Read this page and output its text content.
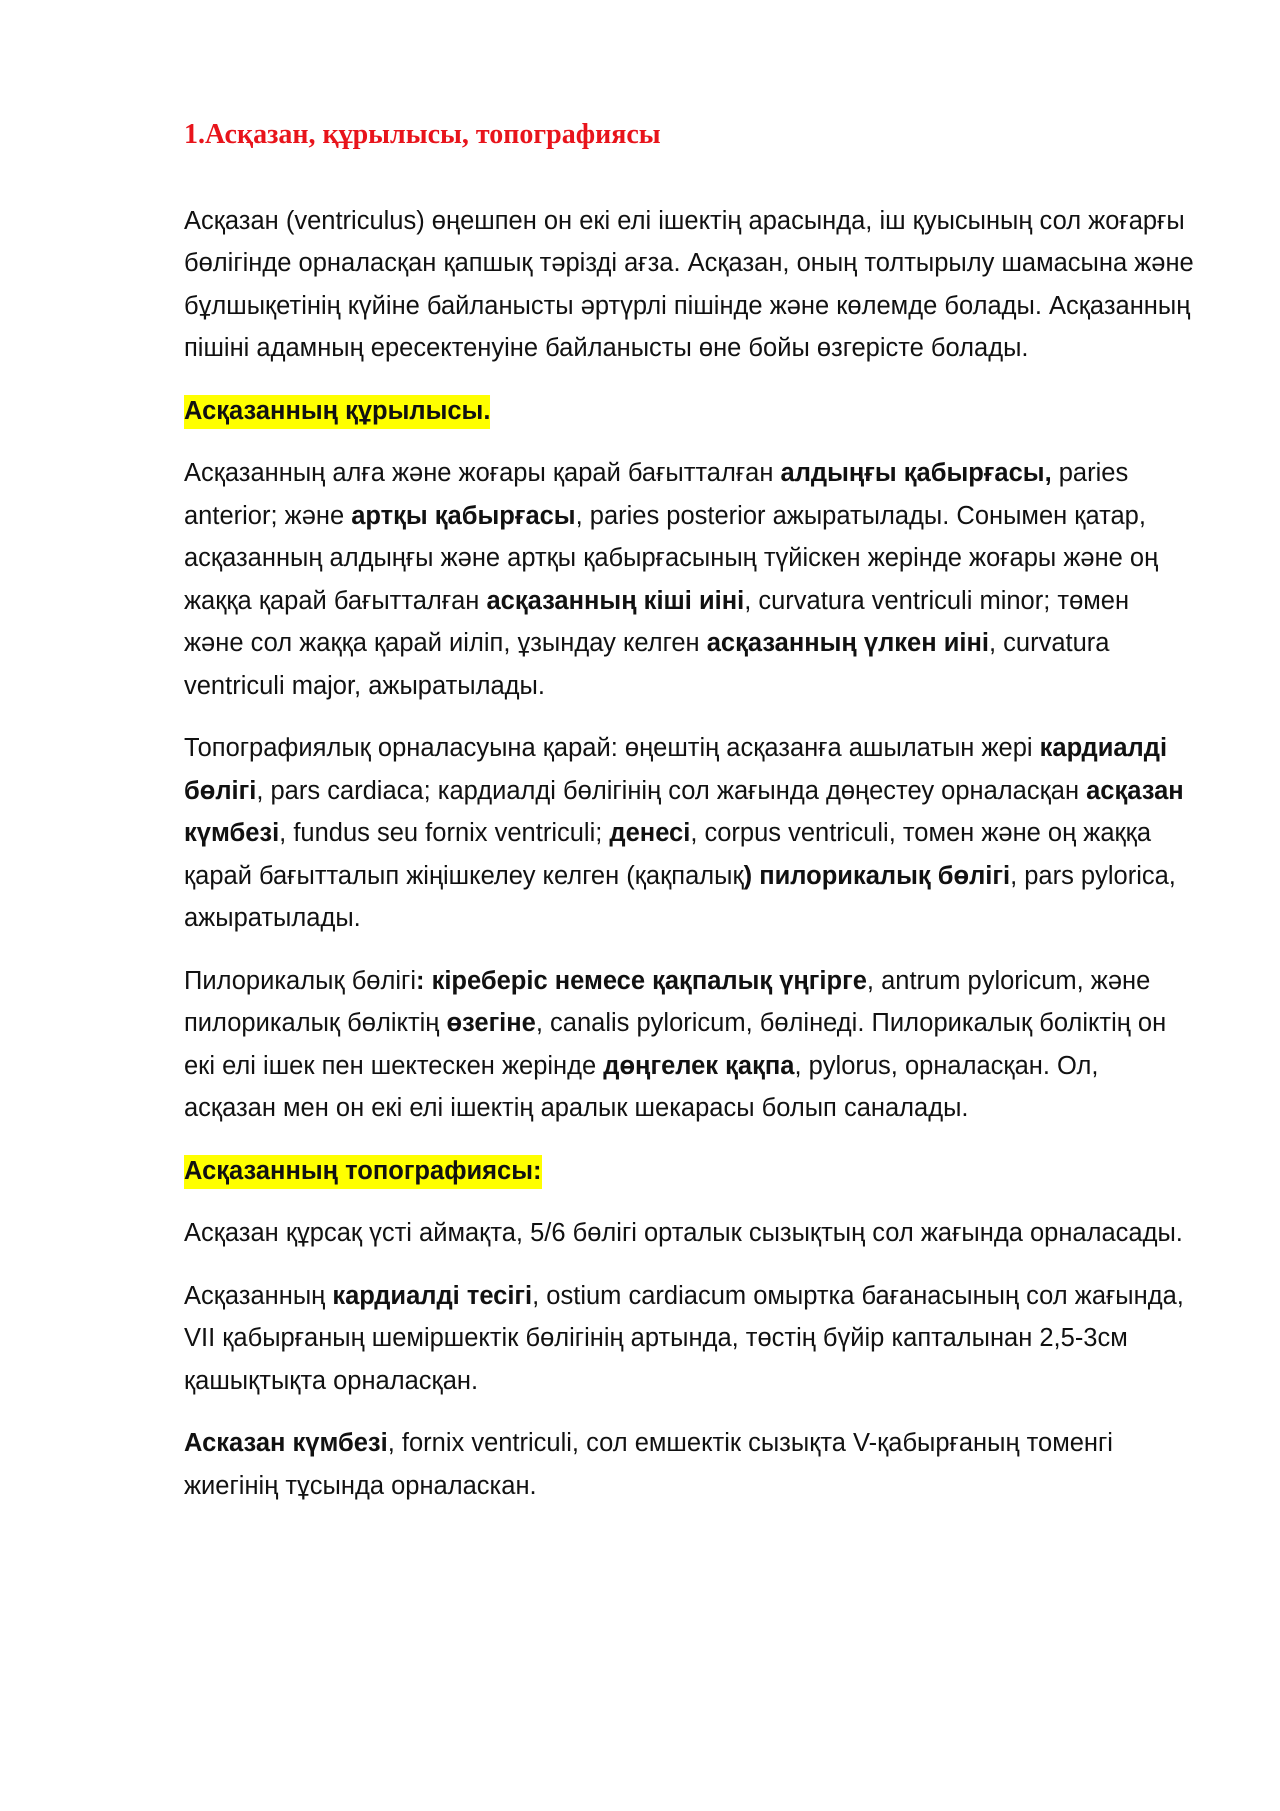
1.Асқазан, құрылысы, топографиясы

Асқазан (ventriculus) өңешпен он екі елі ішектің арасында, іш қуысының сол жоғарғы бөлігінде орналасқан қапшық тәрізді ағза. Асқазан, оның толтырылу шамасына және бұлшықетінің күйіне байланысты әртүрлі пішінде және көлемде болады. Асқазанның пішіні адамның ересектенуіне байланысты өне бойы өзгерісте болады.

Асқазанның құрылысы.

Асқазанның алға және жоғары қарай бағытталған алдыңғы қабырғасы, paries anterior; және артқы қабырғасы, paries posterior ажыратылады. Сонымен қатар, асқазанның алдыңғы және артқы қабырғасының түйіскен жерінде жоғары және оң жаққа қарай бағытталған асқазанның кіші иіні, curvatura ventriculi minor; төмен және сол жаққа қарай иіліп, ұзындау келген асқазанның үлкен иіні, curvatura ventriculi major, ажыратылады.

Топографиялық орналасуына қарай: өңештің асқазанға ашылатын жері кардиалді бөлігі, pars cardiaca; кардиалді бөлігінің сол жағында дөңестеу орналасқан асқазан күмбезі, fundus seu fornix ventriculi; денесі, corpus ventriculi, томен және оң жаққа қарай бағытталып жіңішкелеу келген (қақпалық) пилорикалық бөлігі, pars pylorica, ажыратылады.

Пилорикалық бөлігі: кіреберіс немесе қақпалық үңгірге, antrum pyloricum, және пилорикалық бөліктің өзегіне, canalis pyloricum, бөлінеді. Пилорикалық боліктің он екі елі ішек пен шектескен жерінде дөңгелек қақпа, pylorus, орналасқан. Ол, асқазан мен он екі елі ішектің аралык шекарасы болып саналады.

Асқазанның топографиясы:

Асқазан құрсақ үсті аймақта, 5/6 бөлігі орталык сызықтың сол жағында орналасады.

Асқазанның кардиалді тесігі, ostium cardiacum омыртка бағанасының сол жағында, VII қабырғаның шеміршектік бөлігінің артында, төстің бүйір капталынан 2,5-3см қашықтықта орналасқан.

Асказан күмбезі, fornix ventriculi, сол емшектік сызықта V-қабырғаның томенгі жиегінің тұсында орналаскан.
